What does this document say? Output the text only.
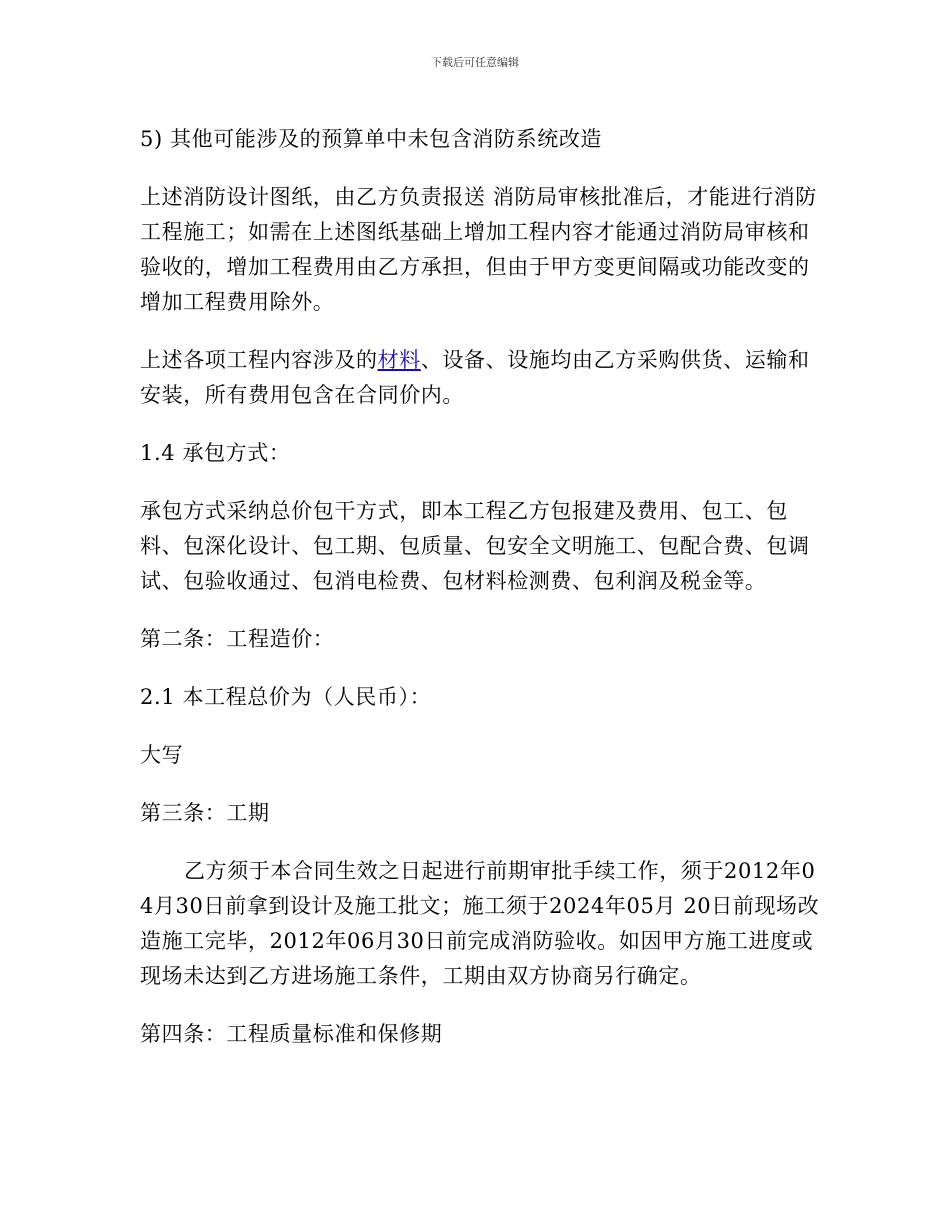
下载后可任意编辑

5) 其他可能涉及的预算单中未包含消防系统改造

上述消防设计图纸，由乙方负责报送 消防局审核批准后，才能进行消防工程施工；如需在上述图纸基础上增加工程内容才能通过消防局审核和验收的，增加工程费用由乙方承担，但由于甲方变更间隔或功能改变的增加工程费用除外。

上述各项工程内容涉及的材料、设备、设施均由乙方采购供货、运输和安装，所有费用包含在合同价内。

1.4 承包方式：

承包方式采纳总价包干方式，即本工程乙方包报建及费用、包工、包料、包深化设计、包工期、包质量、包安全文明施工、包配合费、包调试、包验收通过、包消电检费、包材料检测费、包利润及税金等。

第二条：工程造价：

2.1 本工程总价为（人民币）：

大写

第三条：工期

乙方须于本合同生效之日起进行前期审批手续工作，须于2012年04月30日前拿到设计及施工批文；施工须于2024年05月 20日前现场改造施工完毕，2012年06月30日前完成消防验收。如因甲方施工进度或现场未达到乙方进场施工条件，工期由双方协商另行确定。

第四条：工程质量标准和保修期
